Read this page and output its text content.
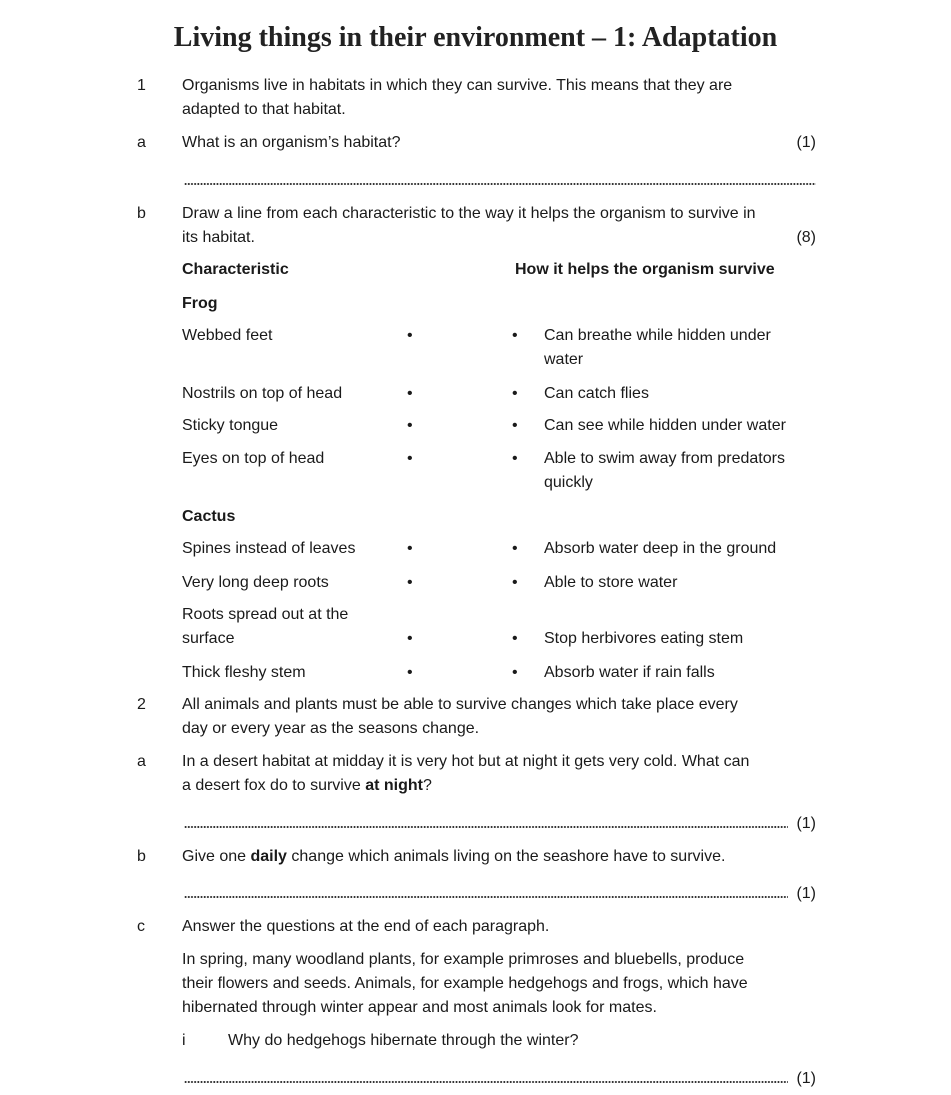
Living things in their environment – 1: Adaptation
1 Organisms live in habitats in which they can survive. This means that they are
adapted to that habitat.
a What is an organism’s habitat?	(1)
b Draw a line from each characteristic to the way it helps the organism to survive in
its habitat.	(8)
Characteristic	How it helps the organism survive
Frog
Webbed feet	•	• Can breathe while hidden under
water
Nostrils on top of head	•	• Can catch flies
Sticky tongue	•	• Can see while hidden under water
Eyes on top of head	•	• Able to swim away from predators
quickly
Cactus
Spines instead of leaves	•	• Absorb water deep in the ground
Very long deep roots	•	• Able to store water
Roots spread out at the
surface	•	• Stop herbivores eating stem
Thick fleshy stem	•	• Absorb water if rain falls
2 All animals and plants must be able to survive changes which take place every
day or every year as the seasons change.
a In a desert habitat at midday it is very hot but at night it gets very cold. What can
a desert fox do to survive at night?
(1)
b Give one daily change which animals living on the seashore have to survive.
(1)
c Answer the questions at the end of each paragraph.
In spring, many woodland plants, for example primroses and bluebells, produce
their flowers and seeds. Animals, for example hedgehogs and frogs, which have
hibernated through winter appear and most animals look for mates.
i	Why do hedgehogs hibernate through the winter?
(1)
